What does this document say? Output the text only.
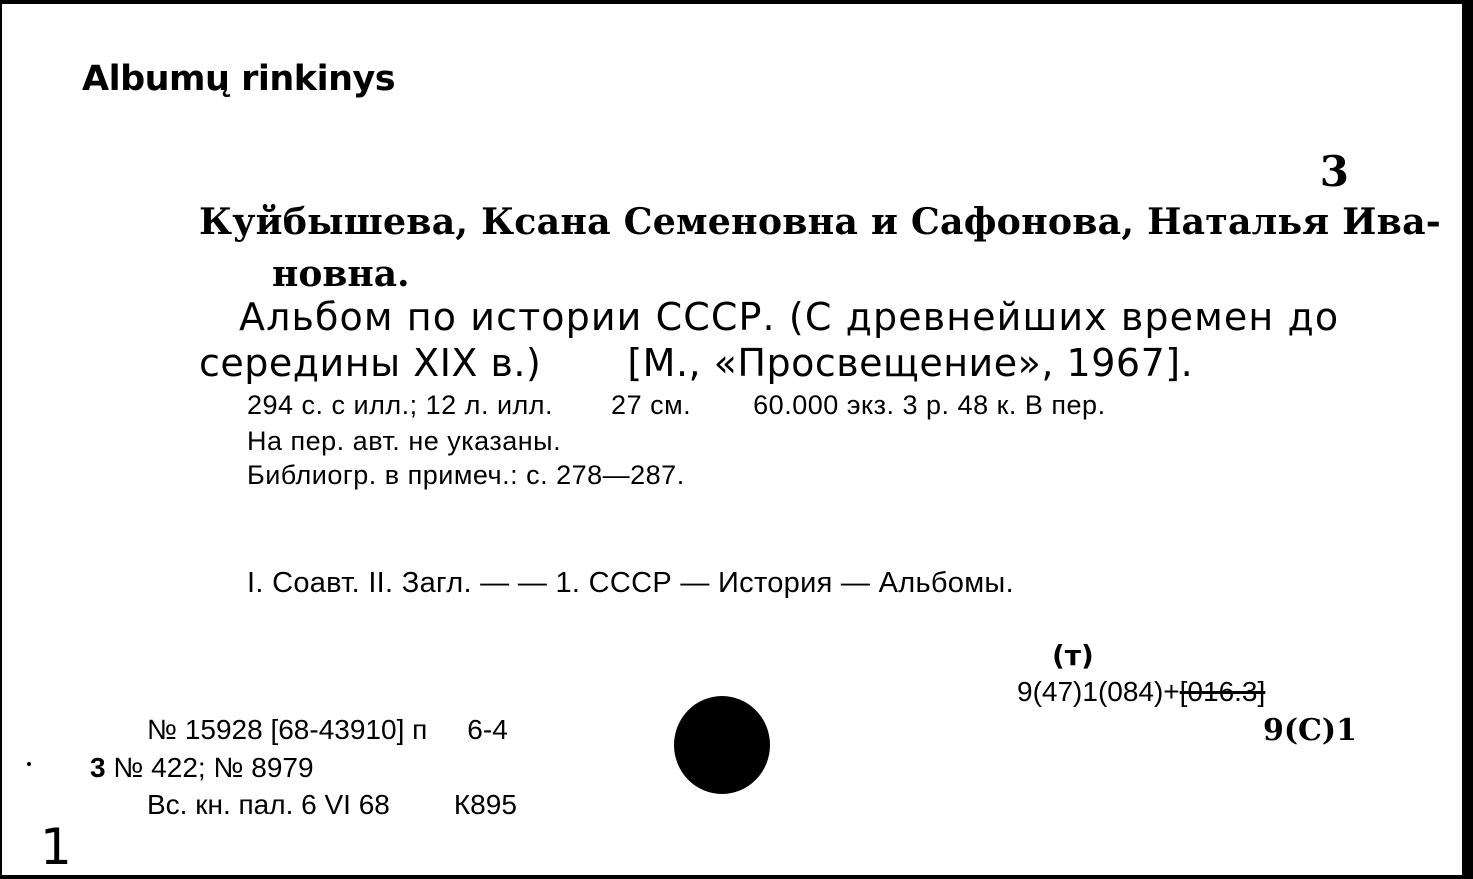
Albumų rinkinys
3
Куйбышева, Ксана Семеновна и Сафонова, Наталья Ива-
новна.
Альбом по истории СССР. (С древнейших времен до
середины XIX в.) [М., «Просвещение», 1967].
294 с. с илл.; 12 л. илл. 27 см. 60.000 экз. 3 р. 48 к. В пер.
На пер. авт. не указаны.
Библиогр. в примеч.: с. 278—287.
I. Соавт. II. Загл. — — 1. СССР — История — Альбомы.
(т)
9(47)1(084)+[016.3]
9(С)1
№ 15928 [68-43910] п 6-4
3 № 422; № 8979
Вс. кн. пал. 6 VI 68 К895
1
